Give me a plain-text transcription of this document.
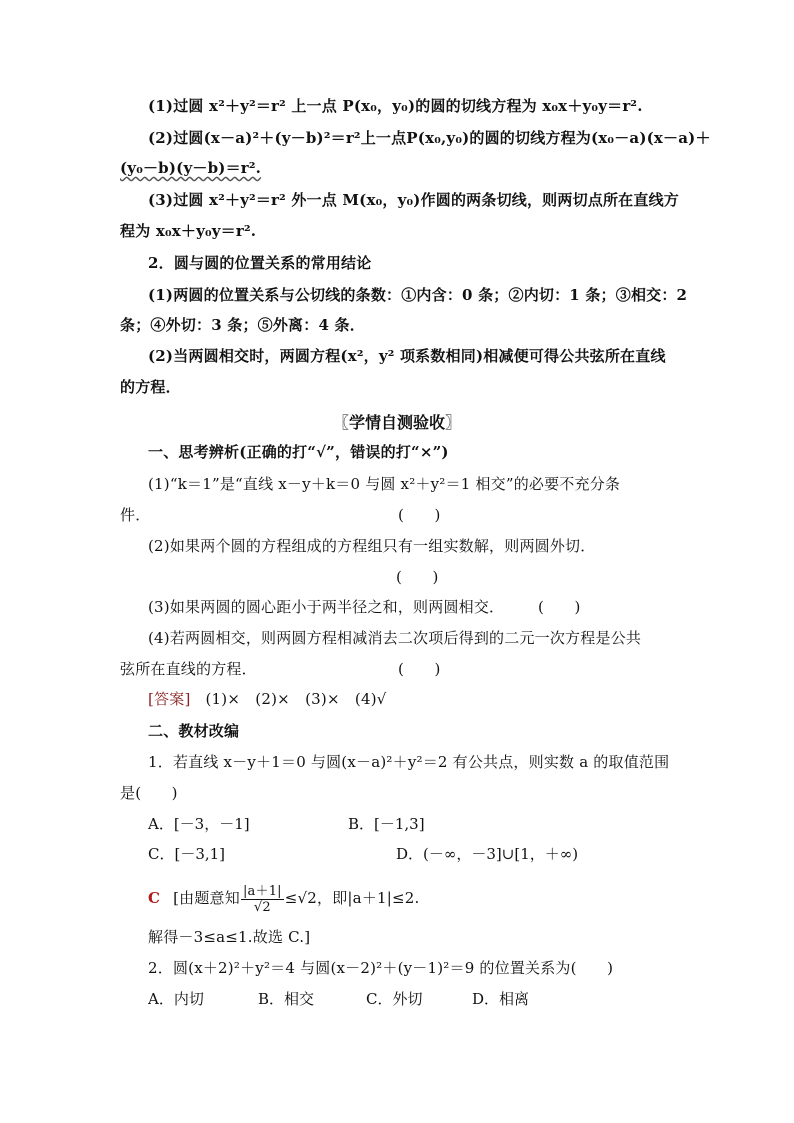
(1)过圆 x²＋y²＝r² 上一点 P(x₀，y₀)的圆的切线方程为 x₀x＋y₀y＝r².
(2)过圆(x－a)²＋(y－b)²＝r²上一点P(x₀,y₀)的圆的切线方程为(x₀－a)(x－a)＋
(y₀－b)(y－b)＝r².
(3)过圆 x²＋y²＝r² 外一点 M(x₀，y₀)作圆的两条切线，则两切点所在直线方
程为 x₀x＋y₀y＝r².
2．圆与圆的位置关系的常用结论
(1)两圆的位置关系与公切线的条数：①内含：0 条；②内切：1 条；③相交：2
条；④外切：3 条；⑤外离：4 条．
(2)当两圆相交时，两圆方程(x²，y² 项系数相同)相减便可得公共弦所在直线
的方程．
〖学情自测验收〗
一、思考辨析(正确的打“√”，错误的打“×”)
(1)“k＝1”是“直线 x－y＋k＝0 与圆 x²＋y²＝1 相交”的必要不充分条
件．	(　　)
(2)如果两个圆的方程组成的方程组只有一组实数解，则两圆外切．
(　　)
(3)如果两圆的圆心距小于两半径之和，则两圆相交． (　　)
(4)若两圆相交，则两圆方程相减消去二次项后得到的二元一次方程是公共
弦所在直线的方程．	(　　)
[答案] (1)×　(2)×　(3)×　(4)√
二、教材改编
1．若直线 x－y＋1＝0 与圆(x－a)²＋y²＝2 有公共点，则实数 a 的取值范围
是(　　)
A．[－3，－1]	B．[－1,3]
C．[－3,1]	D．(－∞，－3]∪[1，＋∞)
C [由题意知 $\frac{|a+1|}{√2} \le√2$，即|a＋1|≤2.
解得－3≤a≤1.故选 C.]
2．圆(x＋2)²＋y²＝4 与圆(x－2)²＋(y－1)²＝9 的位置关系为(　　)
A．内切	B．相交	C．外切	D．相离
